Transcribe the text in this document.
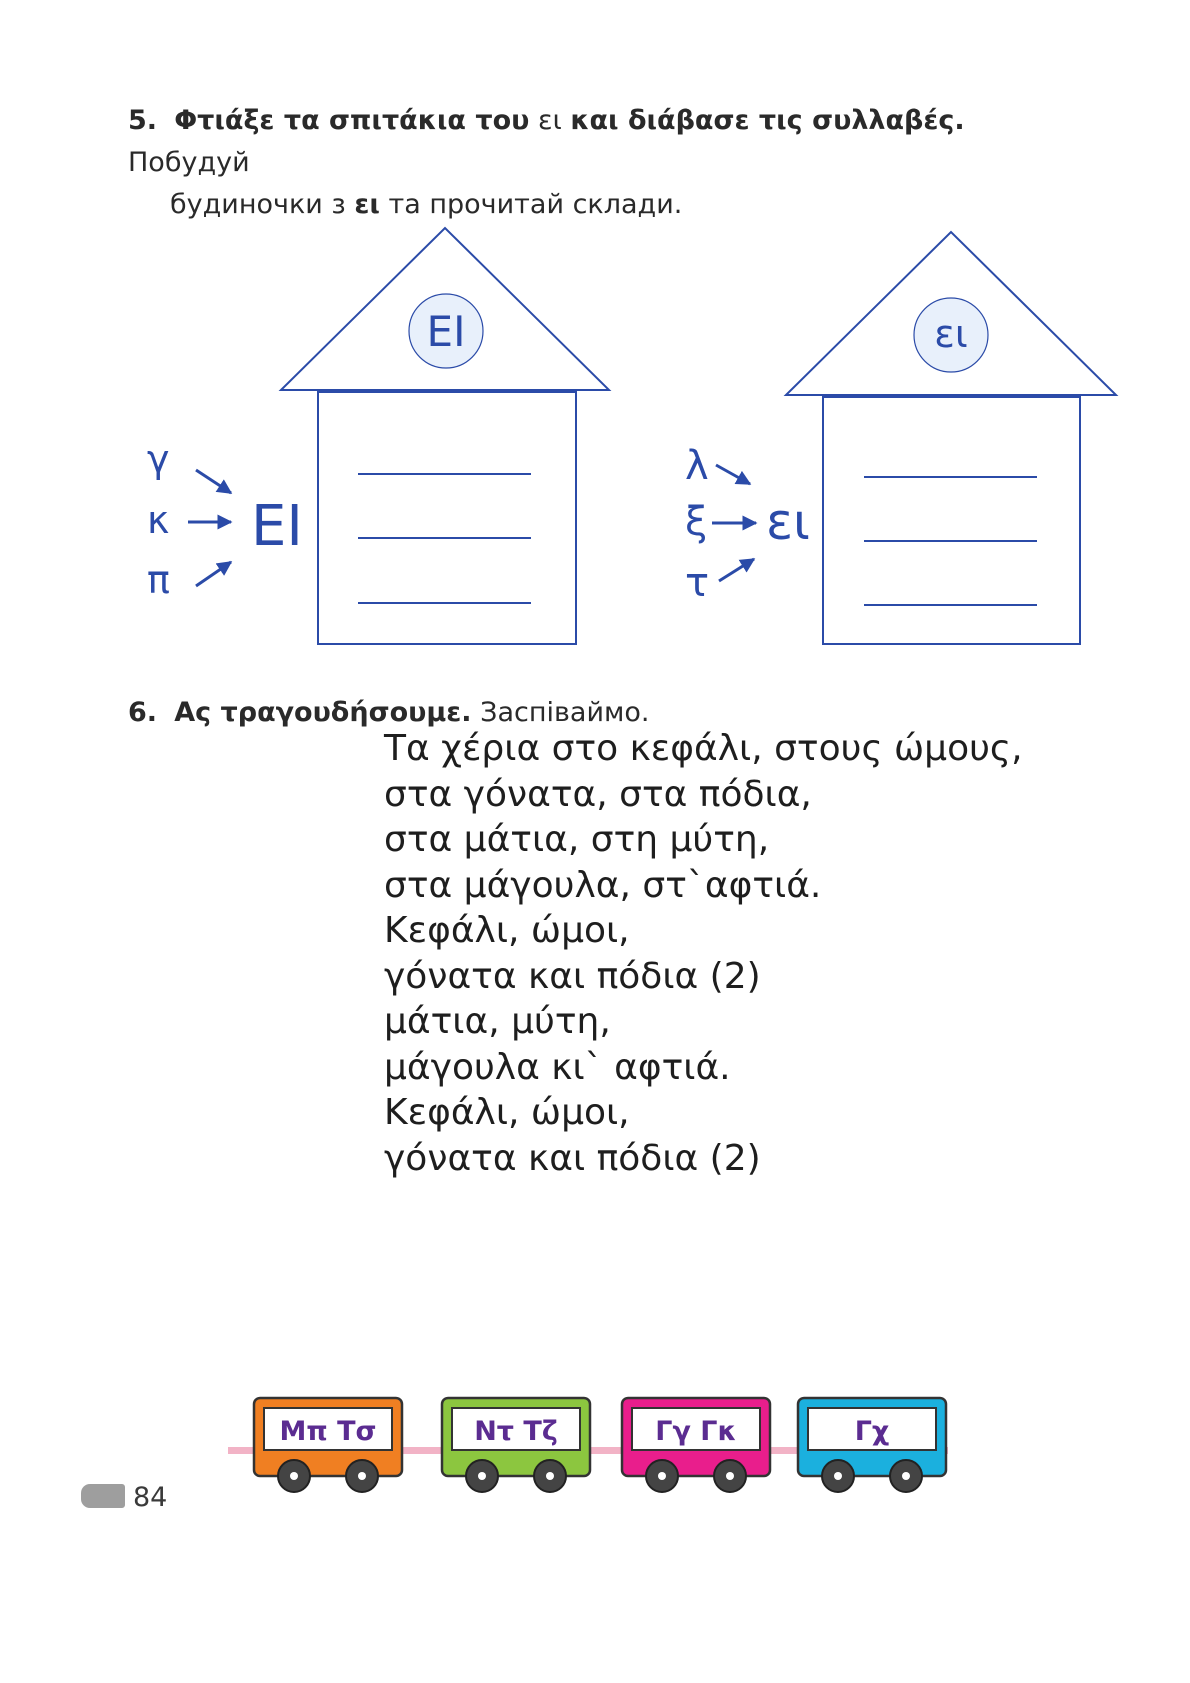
5. Φτιάξε τα σπιτάκια του ει και διάβασε τις συλλαβές. Побудуй
будиночки з ει та прочитай склади.
ΕΙ
γ
κ
π
ΕΙ
ει
λ
ξ
τ
ει
6. Ας τραγουδήσουμε. Заспіваймо.
Τα χέρια στο κεφάλι, στους ώμους,
στα γόνατα, στα πόδια,
στα μάτια, στη μύτη,
στα μάγουλα, στ`αφτιά.
Κεφάλι, ώμοι,
γόνατα και πόδια (2)
μάτια, μύτη,
μάγουλα κι` αφτιά.
Κεφάλι, ώμοι,
γόνατα και πόδια (2)
84
Μπ Τσ	Ντ Τζ	Γγ Γκ	Γχ
